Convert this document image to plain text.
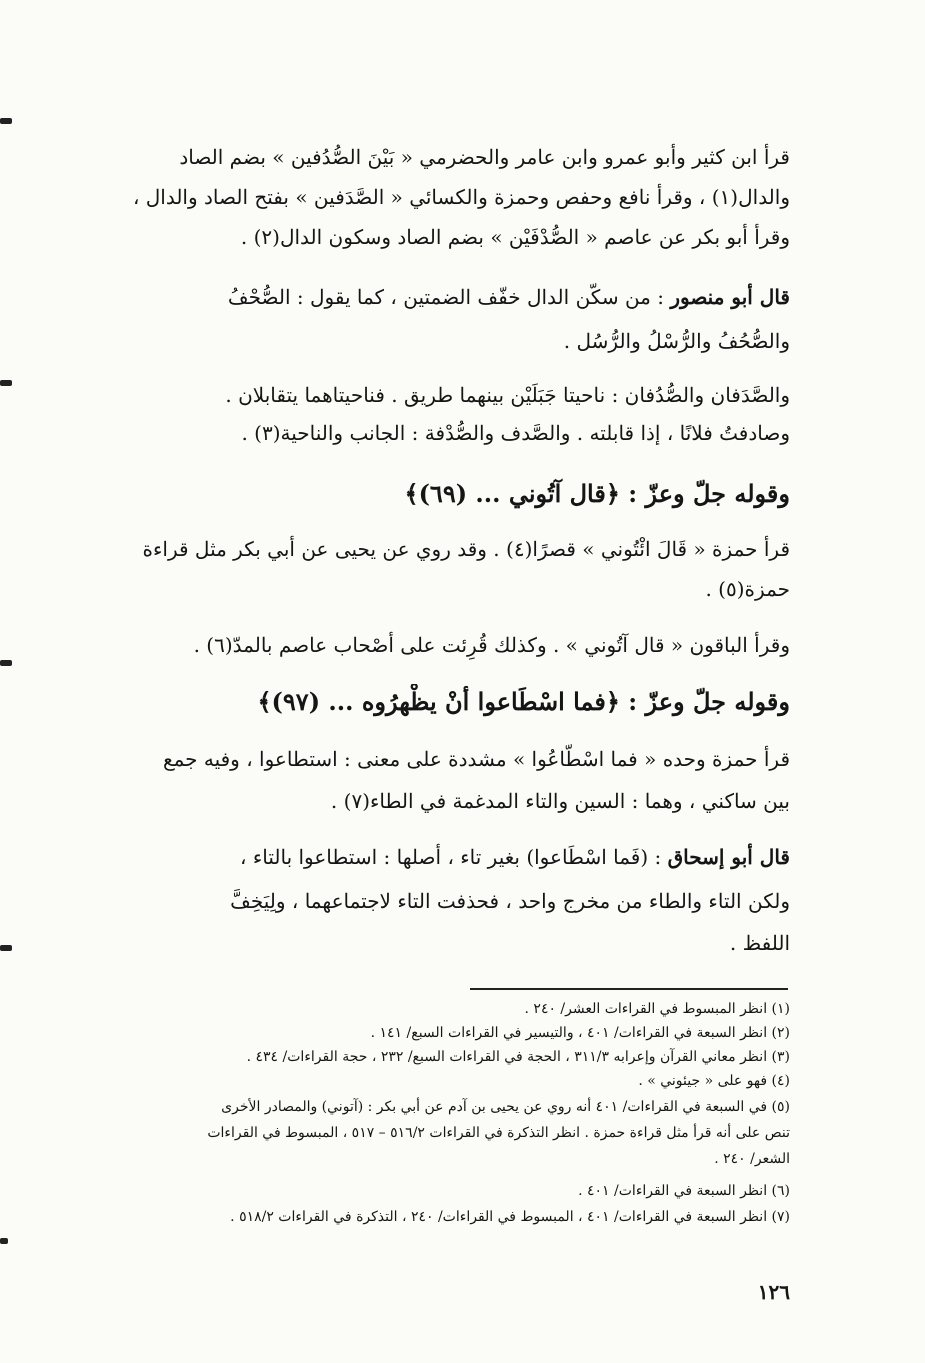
قرأ ابن كثير وأبو عمرو وابن عامر والحضرمي « بَيْنَ الصُّدُفين » بضم الصاد
والدال(١) ، وقرأ نافع وحفص وحمزة والكسائي « الصَّدَفين » بفتح الصاد والدال ،
وقرأ أبو بكر عن عاصم « الصُّدْفَيْن » بضم الصاد وسكون الدال(٢) .
قال أبو منصور : من سكّن الدال خفّف الضمتين ، كما يقول : الصُّحْفُ
والصُّحُفُ والرُّسْلُ والرُّسُل .
والصَّدَفان والصُّدُفان : ناحيتا جَبَلَيْن بينهما طريق . فناحيتاهما يتقابلان .
وصادفتُ فلانًا ، إذا قابلته . والصَّدف والصُّدْفة : الجانب والناحية(٣) .
وقوله جلّ وعزّ : ﴿قال آتُوني ... (٦٩)﴾
قرأ حمزة « قَالَ ائْتُوني » قصرًا(٤) . وقد روي عن يحيى عن أبي بكر مثل قراءة
حمزة(٥) .
وقرأ الباقون « قال آتُوني » . وكذلك قُرِئت على أصْحاب عاصم بالمدّ(٦) .
وقوله جلّ وعزّ : ﴿فما اسْطَاعوا أنْ يظْهرُوه ... (٩٧)﴾
قرأ حمزة وحده « فما اسْطّاعُوا » مشددة على معنى : استطاعوا ، وفيه جمع
بين ساكني ، وهما : السين والتاء المدغمة في الطاء(٧) .
قال أبو إسحاق : (فَما اسْطَاعوا) بغير تاء ، أصلها : استطاعوا بالتاء ،
ولكن التاء والطاء من مخرج واحد ، فحذفت التاء لاجتماعهما ، ولِيَخِفَّ
اللفظ .
(١) انظر المبسوط في القراءات العشر/ ٢٤٠ .
(٢) انظر السبعة في القراءات/ ٤٠١ ، والتيسير في القراءات السبع/ ١٤١ .
(٣) انظر معاني القرآن وإعرابه ٣١١/٣ ، الحجة في القراءات السبع/ ٢٣٢ ، حجة القراءات/ ٤٣٤ .
(٤) فهو على « جيئوني » .
(٥) في السبعة في القراءات/ ٤٠١ أنه روي عن يحيى بن آدم عن أبي بكر : (آتوني) والمصادر الأخرى
تنص على أنه قرأ مثل قراءة حمزة . انظر التذكرة في القراءات ٥١٦/٢ – ٥١٧ ، المبسوط في القراءات
الشعر/ ٢٤٠ .
(٦) انظر السبعة في القراءات/ ٤٠١ .
(٧) انظر السبعة في القراءات/ ٤٠١ ، المبسوط في القراءات/ ٢٤٠ ، التذكرة في القراءات ٥١٨/٢ .
١٢٦
